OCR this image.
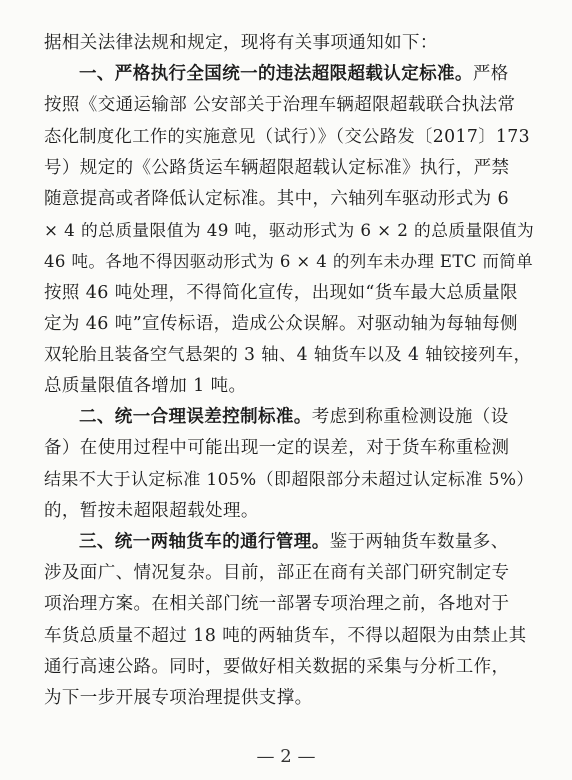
据相关法律法规和规定，现将有关事项通知如下：
一、严格执行全国统一的违法超限超载认定标准。严格
按照《交通运输部 公安部关于治理车辆超限超载联合执法常
态化制度化工作的实施意见（试行）》（交公路发〔2017〕173
号）规定的《公路货运车辆超限超载认定标准》执行，严禁
随意提高或者降低认定标准。其中，六轴列车驱动形式为 6
× 4 的总质量限值为 49 吨，驱动形式为 6 × 2 的总质量限值为
46 吨。各地不得因驱动形式为 6 × 4 的列车未办理 ETC 而简单
按照 46 吨处理，不得简化宣传，出现如“货车最大总质量限
定为 46 吨”宣传标语，造成公众误解。对驱动轴为每轴每侧
双轮胎且装备空气悬架的 3 轴、4 轴货车以及 4 轴铰接列车，
总质量限值各增加 1 吨。
二、统一合理误差控制标准。考虑到称重检测设施（设
备）在使用过程中可能出现一定的误差，对于货车称重检测
结果不大于认定标准 105%（即超限部分未超过认定标准 5%）
的，暂按未超限超载处理。
三、统一两轴货车的通行管理。鉴于两轴货车数量多、
涉及面广、情况复杂。目前，部正在商有关部门研究制定专
项治理方案。在相关部门统一部署专项治理之前，各地对于
车货总质量不超过 18 吨的两轴货车，不得以超限为由禁止其
通行高速公路。同时，要做好相关数据的采集与分析工作，
为下一步开展专项治理提供支撑。
— 2 —
